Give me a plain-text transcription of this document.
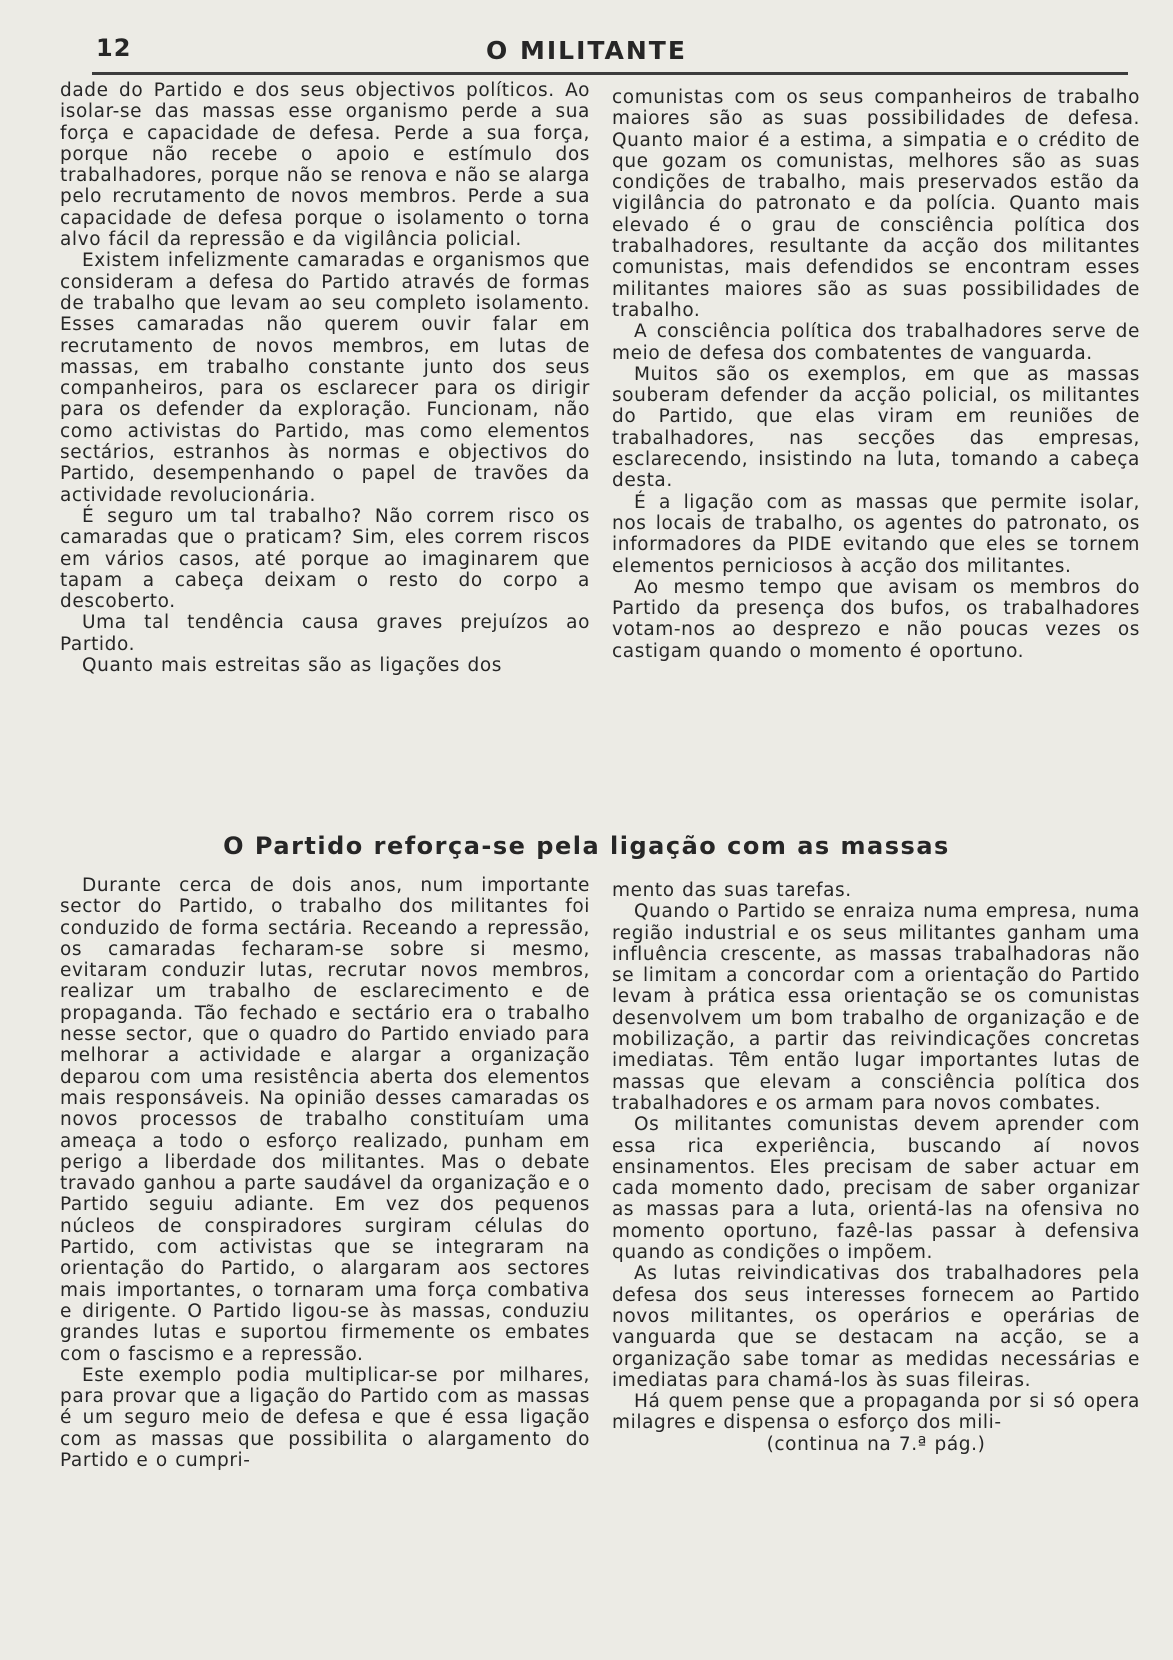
12	O MILITANTE

dade do Partido e dos seus objectivos políticos. Ao isolar-se das massas esse organismo perde a sua força e capacidade de defesa. Perde a sua força, porque não recebe o apoio e estímulo dos trabalhadores, porque não se renova e não se alarga pelo recrutamento de novos membros. Perde a sua capacidade de defesa porque o isolamento o torna alvo fácil da repressão e da vigilância policial.

Existem infelizmente camaradas e organismos que consideram a defesa do Partido através de formas de trabalho que levam ao seu completo isolamento. Esses camaradas não querem ouvir falar em recrutamento de novos membros, em lutas de massas, em trabalho constante junto dos seus companheiros, para os esclarecer para os dirigir para os defender da exploração. Funcionam, não como activistas do Partido, mas como elementos sectários, estranhos às normas e objectivos do Partido, desempenhando o papel de travões da actividade revolucionária.

É seguro um tal trabalho? Não correm risco os camaradas que o praticam? Sim, eles correm riscos em vários casos, até porque ao imaginarem que tapam a cabeça deixam o resto do corpo a descoberto.

Uma tal tendência causa graves prejuízos ao Partido.

Quanto mais estreitas são as ligações dos

comunistas com os seus companheiros de trabalho maiores são as suas possibilidades de defesa. Quanto maior é a estima, a simpatia e o crédito de que gozam os comunistas, melhores são as suas condições de trabalho, mais preservados estão da vigilância do patronato e da polícia. Quanto mais elevado é o grau de consciência política dos trabalhadores, resultante da acção dos militantes comunistas, mais defendidos se encontram esses militantes maiores são as suas possibilidades de trabalho.

A consciência política dos trabalhadores serve de meio de defesa dos combatentes de vanguarda.

Muitos são os exemplos, em que as massas souberam defender da acção policial, os militantes do Partido, que elas viram em reuniões de trabalhadores, nas secções das empresas, esclarecendo, insistindo na luta, tomando a cabeça desta.

É a ligação com as massas que permite isolar, nos locais de trabalho, os agentes do patronato, os informadores da PIDE evitando que eles se tornem elementos perniciosos à acção dos militantes.

Ao mesmo tempo que avisam os membros do Partido da presença dos bufos, os trabalhadores votam-nos ao desprezo e não poucas vezes os castigam quando o momento é oportuno.

O Partido reforça-se pela ligação com as massas

Durante cerca de dois anos, num importante sector do Partido, o trabalho dos militantes foi conduzido de forma sectária. Receando a repressão, os camaradas fecharam-se sobre si mesmo, evitaram conduzir lutas, recrutar novos membros, realizar um trabalho de esclarecimento e de propaganda. Tão fechado e sectário era o trabalho nesse sector, que o quadro do Partido enviado para melhorar a actividade e alargar a organização deparou com uma resistência aberta dos elementos mais responsáveis. Na opinião desses camaradas os novos processos de trabalho constituíam uma ameaça a todo o esforço realizado, punham em perigo a liberdade dos militantes. Mas o debate travado ganhou a parte saudável da organização e o Partido seguiu adiante. Em vez dos pequenos núcleos de conspiradores surgiram células do Partido, com activistas que se integraram na orientação do Partido, o alargaram aos sectores mais importantes, o tornaram uma força combativa e dirigente. O Partido ligou-se às massas, conduziu grandes lutas e suportou firmemente os embates com o fascismo e a repressão.

Este exemplo podia multiplicar-se por milhares, para provar que a ligação do Partido com as massas é um seguro meio de defesa e que é essa ligação com as massas que possibilita o alargamento do Partido e o cumpri-

mento das suas tarefas.

Quando o Partido se enraiza numa empresa, numa região industrial e os seus militantes ganham uma influência crescente, as massas trabalhadoras não se limitam a concordar com a orientação do Partido levam à prática essa orientação se os comunistas desenvolvem um bom trabalho de organização e de mobilização, a partir das reivindicações concretas imediatas. Têm então lugar importantes lutas de massas que elevam a consciência política dos trabalhadores e os armam para novos combates.

Os militantes comunistas devem aprender com essa rica experiência, buscando aí novos ensinamentos. Eles precisam de saber actuar em cada momento dado, precisam de saber organizar as massas para a luta, orientá-las na ofensiva no momento oportuno, fazê-las passar à defensiva quando as condições o impõem.

As lutas reivindicativas dos trabalhadores pela defesa dos seus interesses fornecem ao Partido novos militantes, os operários e operárias de vanguarda que se destacam na acção, se a organização sabe tomar as medidas necessárias e imediatas para chamá-los às suas fileiras.

Há quem pense que a propaganda por si só opera milagres e dispensa o esforço dos mili-

(continua na 7.ª pág.)
